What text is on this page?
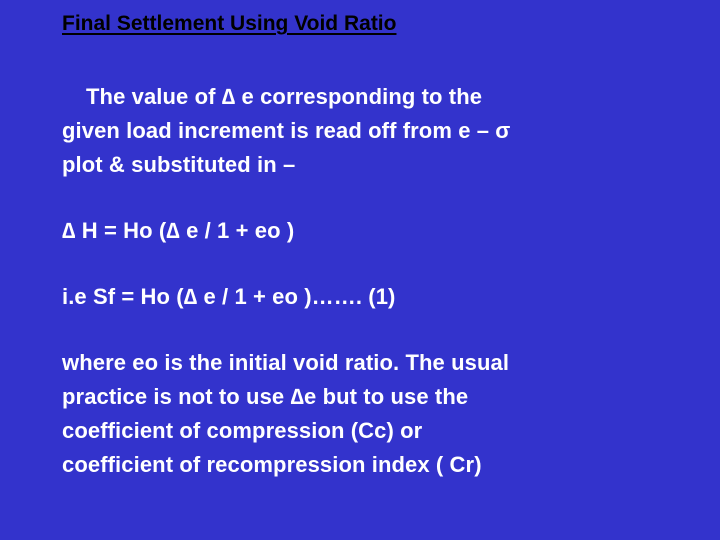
Final Settlement Using Void Ratio
The value of ∆ e corresponding to the
given load increment is read off from e – σ
plot & substituted in –
∆ H = Ho (∆ e / 1 + eo )
i.e Sf = Ho (∆ e / 1 + eo )……. (1)
where eo is the initial void ratio. The usual
practice is not to use ∆e but to use the
coefficient of compression (Cc) or
coefficient of recompression index ( Cr)
